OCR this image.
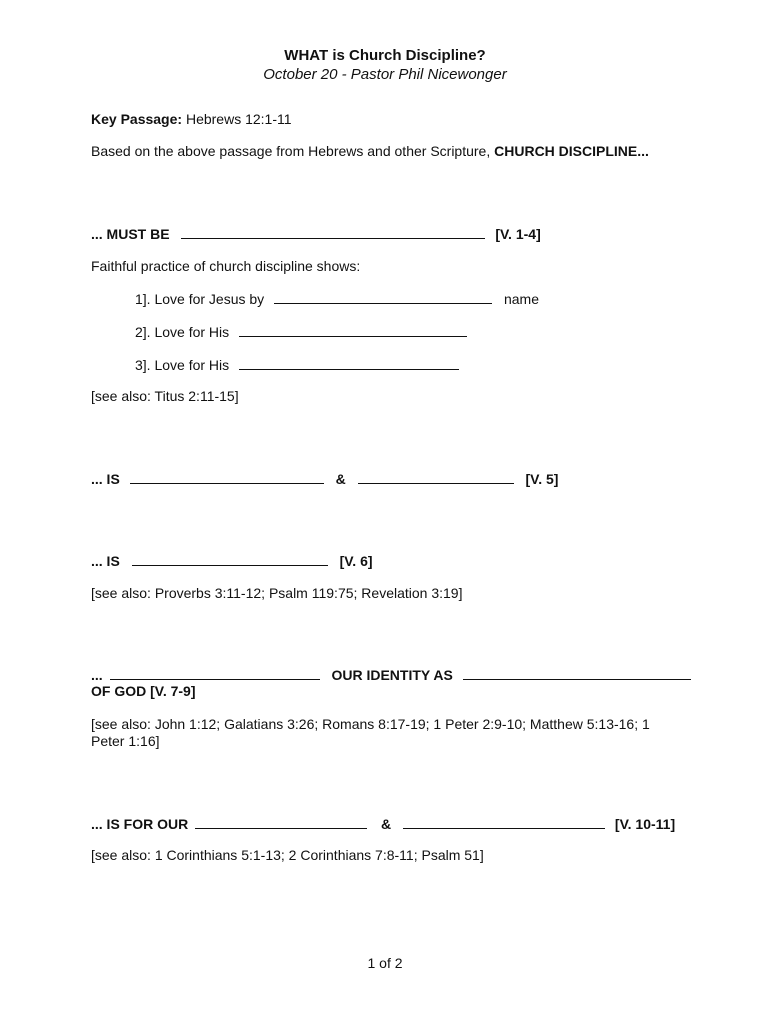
WHAT is Church Discipline?
October 20 - Pastor Phil Nicewonger
Key Passage: Hebrews 12:1-11
Based on the above passage from Hebrews and other Scripture, CHURCH DISCIPLINE...
... MUST BE	[V. 1-4]
Faithful practice of church discipline shows:
1]. Love for Jesus by	name
2]. Love for His
3]. Love for His
[see also: Titus 2:11-15]
... IS	&	[V. 5]
... IS	[V. 6]
[see also: Proverbs 3:11-12; Psalm 119:75; Revelation 3:19]
...	OUR IDENTITY AS
OF GOD [V. 7-9]
[see also: John 1:12; Galatians 3:26; Romans 8:17-19; 1 Peter 2:9-10; Matthew 5:13-16; 1 Peter 1:16]
... IS FOR OUR	&	[V. 10-11]
[see also: 1 Corinthians 5:1-13; 2 Corinthians 7:8-11; Psalm 51]
1 of 2
